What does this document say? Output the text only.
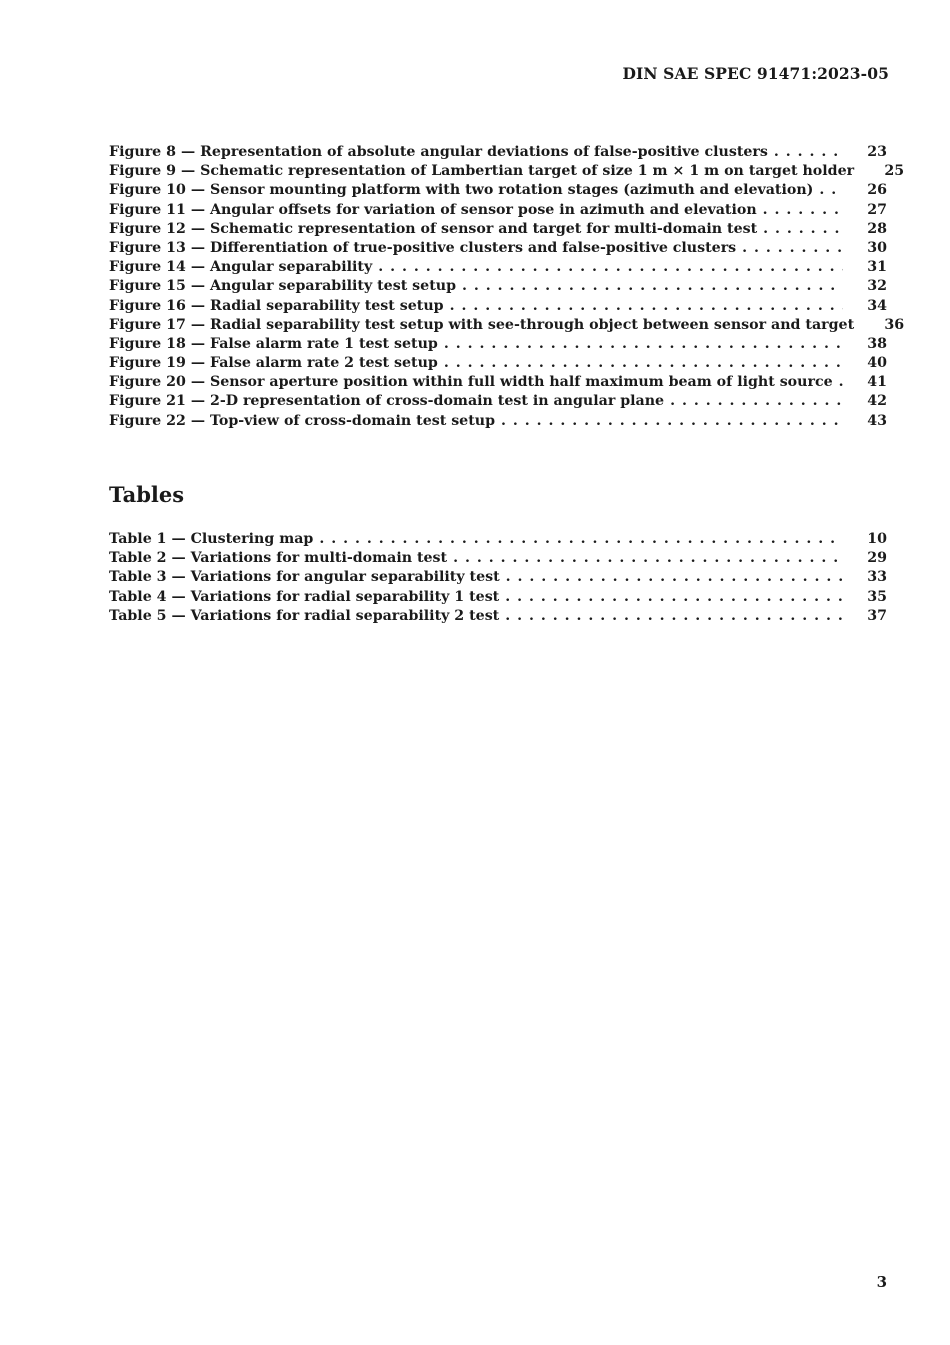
DIN SAE SPEC 91471:2023-05
Figure 8 — Representation of absolute angular deviations of false-positive clusters . . .	23
Figure 9 — Schematic representation of Lambertian target of size 1 m × 1 m on target holder . . . 25
Figure 10 — Sensor mounting platform with two rotation stages (azimuth and elevation) . . .	26
Figure 11 — Angular offsets for variation of sensor pose in azimuth and elevation . . .	27
Figure 12 — Schematic representation of sensor and target for multi-domain test . . .	28
Figure 13 — Differentiation of true-positive clusters and false-positive clusters . . .	30
Figure 14 — Angular separability . . .	31
Figure 15 — Angular separability test setup . . .	32
Figure 16 — Radial separability test setup . . .	34
Figure 17 — Radial separability test setup with see-through object between sensor and target . . . 36
Figure 18 — False alarm rate 1 test setup . . .	38
Figure 19 — False alarm rate 2 test setup . . .	40
Figure 20 — Sensor aperture position within full width half maximum beam of light source . . . 41
Figure 21 — 2-D representation of cross-domain test in angular plane . . .	42
Figure 22 — Top-view of cross-domain test setup . . .	43
Tables
Table 1 — Clustering map . . .	10
Table 2 — Variations for multi-domain test . . .	29
Table 3 — Variations for angular separability test . . .	33
Table 4 — Variations for radial separability 1 test . . .	35
Table 5 — Variations for radial separability 2 test . . .	37
3
